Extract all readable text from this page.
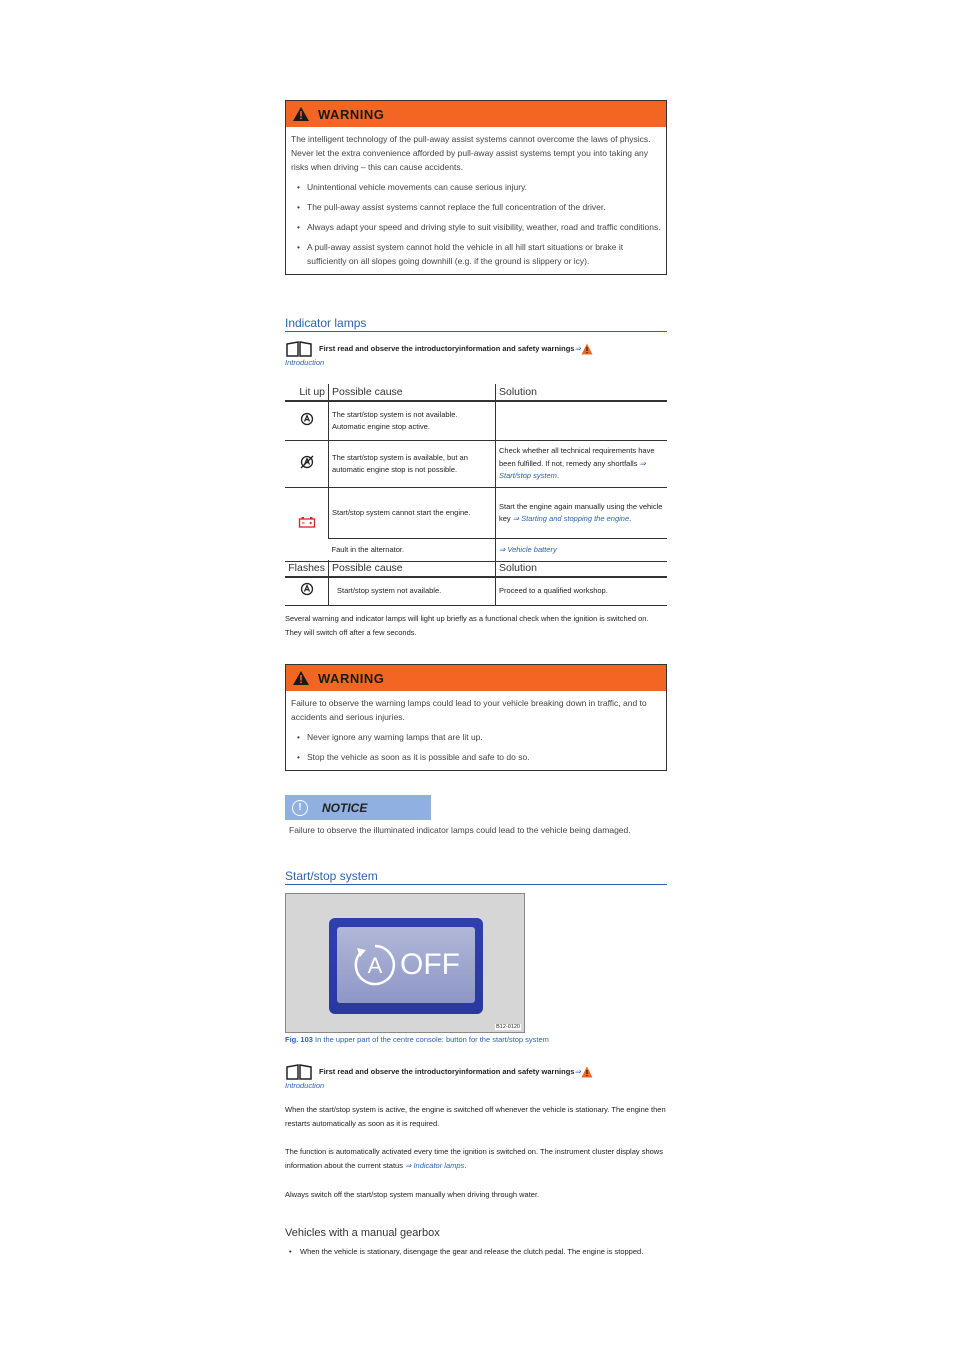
WARNING

The intelligent technology of the pull-away assist systems cannot overcome the laws of physics. Never let the extra convenience afforded by pull-away assist systems tempt you into taking any risks when driving – this can cause accidents.

• Unintentional vehicle movements can cause serious injury.
• The pull-away assist systems cannot replace the full concentration of the driver.
• Always adapt your speed and driving style to suit visibility, weather, road and traffic conditions.
• A pull-away assist system cannot hold the vehicle in all hill start situations or brake it sufficiently on all slopes going downhill (e.g. if the ground is slippery or icy).
Indicator lamps
First read and observe the introductoryinformation and safety warnings⇒
Introduction
Lit up	Possible cause	Solution
	The start/stop system is not available. Automatic engine stop active.	
	The start/stop system is available, but an automatic engine stop is not possible.	Check whether all technical requirements have been fulfilled. If not, remedy any shortfalls ⇒ Start/stop system.
	Start/stop system cannot start the engine.	Start the engine again manually using the vehicle key ⇒ Starting and stopping the engine.
	Fault in the alternator.	⇒ Vehicle battery
Flashes	Possible cause	Solution
	Start/stop system not available.	Proceed to a qualified workshop.
Several warning and indicator lamps will light up briefly as a functional check when the ignition is switched on. They will switch off after a few seconds.
WARNING

Failure to observe the warning lamps could lead to your vehicle breaking down in traffic, and to accidents and serious injuries.

• Never ignore any warning lamps that are lit up.
• Stop the vehicle as soon as it is possible and safe to do so.
!	NOTICE
Failure to observe the illuminated indicator lamps could lead to the vehicle being damaged.
Start/stop system
A OFF
B12-0120
Fig. 103 In the upper part of the centre console: button for the start/stop system
First read and observe the introductoryinformation and safety warnings⇒
Introduction
When the start/stop system is active, the engine is switched off whenever the vehicle is stationary. The engine then restarts automatically as soon as it is required.
The function is automatically activated every time the ignition is switched on. The instrument cluster display shows information about the current status ⇒ Indicator lamps.
Always switch off the start/stop system manually when driving through water.
Vehicles with a manual gearbox
•	When the vehicle is stationary, disengage the gear and release the clutch pedal. The engine is stopped.
